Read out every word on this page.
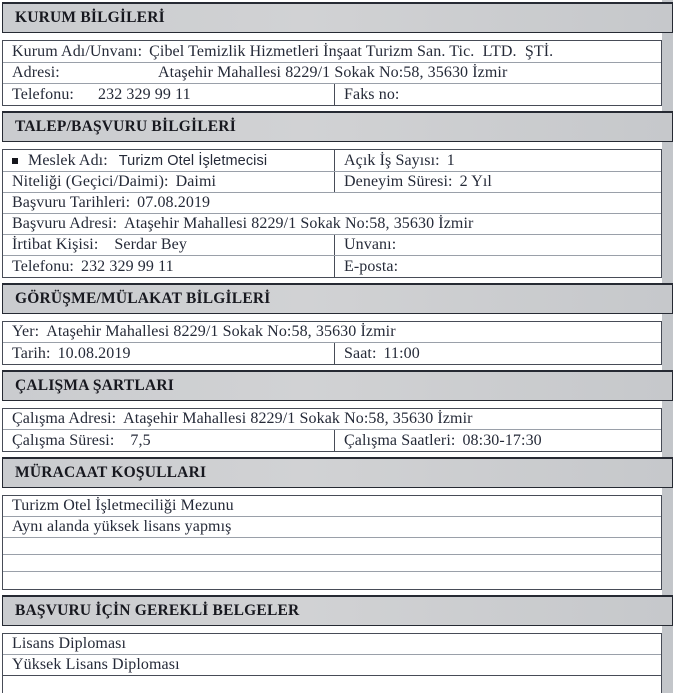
KURUM BİLGİLERİ
Kurum Adı/Unvanı: Çibel Temizlik Hizmetleri İnşaat Turizm San. Tic.  LTD.  ŞTİ.
Adresi:	Ataşehir Mahallesi 8229/1 Sokak No:58, 35630 İzmir
Telefonu:	232 329 99 11	Faks no:
TALEP/BAŞVURU BİLGİLERİ
Meslek Adı: Turizm Otel İşletmecisi	Açık İş Sayısı: 1
Niteliği (Geçici/Daimi): Daimi	Deneyim Süresi: 2 Yıl
Başvuru Tarihleri: 07.08.2019
Başvuru Adresi: Ataşehir Mahallesi 8229/1 Sokak No:58, 35630 İzmir
İrtibat Kişisi: Serdar Bey	Unvanı:
Telefonu: 232 329 99 11	E-posta:
GÖRÜŞME/MÜLAKAT BİLGİLERİ
Yer: Ataşehir Mahallesi 8229/1 Sokak No:58, 35630 İzmir
Tarih: 10.08.2019	Saat: 11:00
ÇALIŞMA ŞARTLARI
Çalışma Adresi: Ataşehir Mahallesi 8229/1 Sokak No:58, 35630 İzmir
Çalışma Süresi: 7,5	Çalışma Saatleri: 08:30-17:30
MÜRACAAT KOŞULLARI
Turizm Otel İşletmeciliği Mezunu
Aynı alanda yüksek lisans yapmış
BAŞVURU İÇİN GEREKLİ BELGELER
Lisans Diploması
Yüksek Lisans Diploması
